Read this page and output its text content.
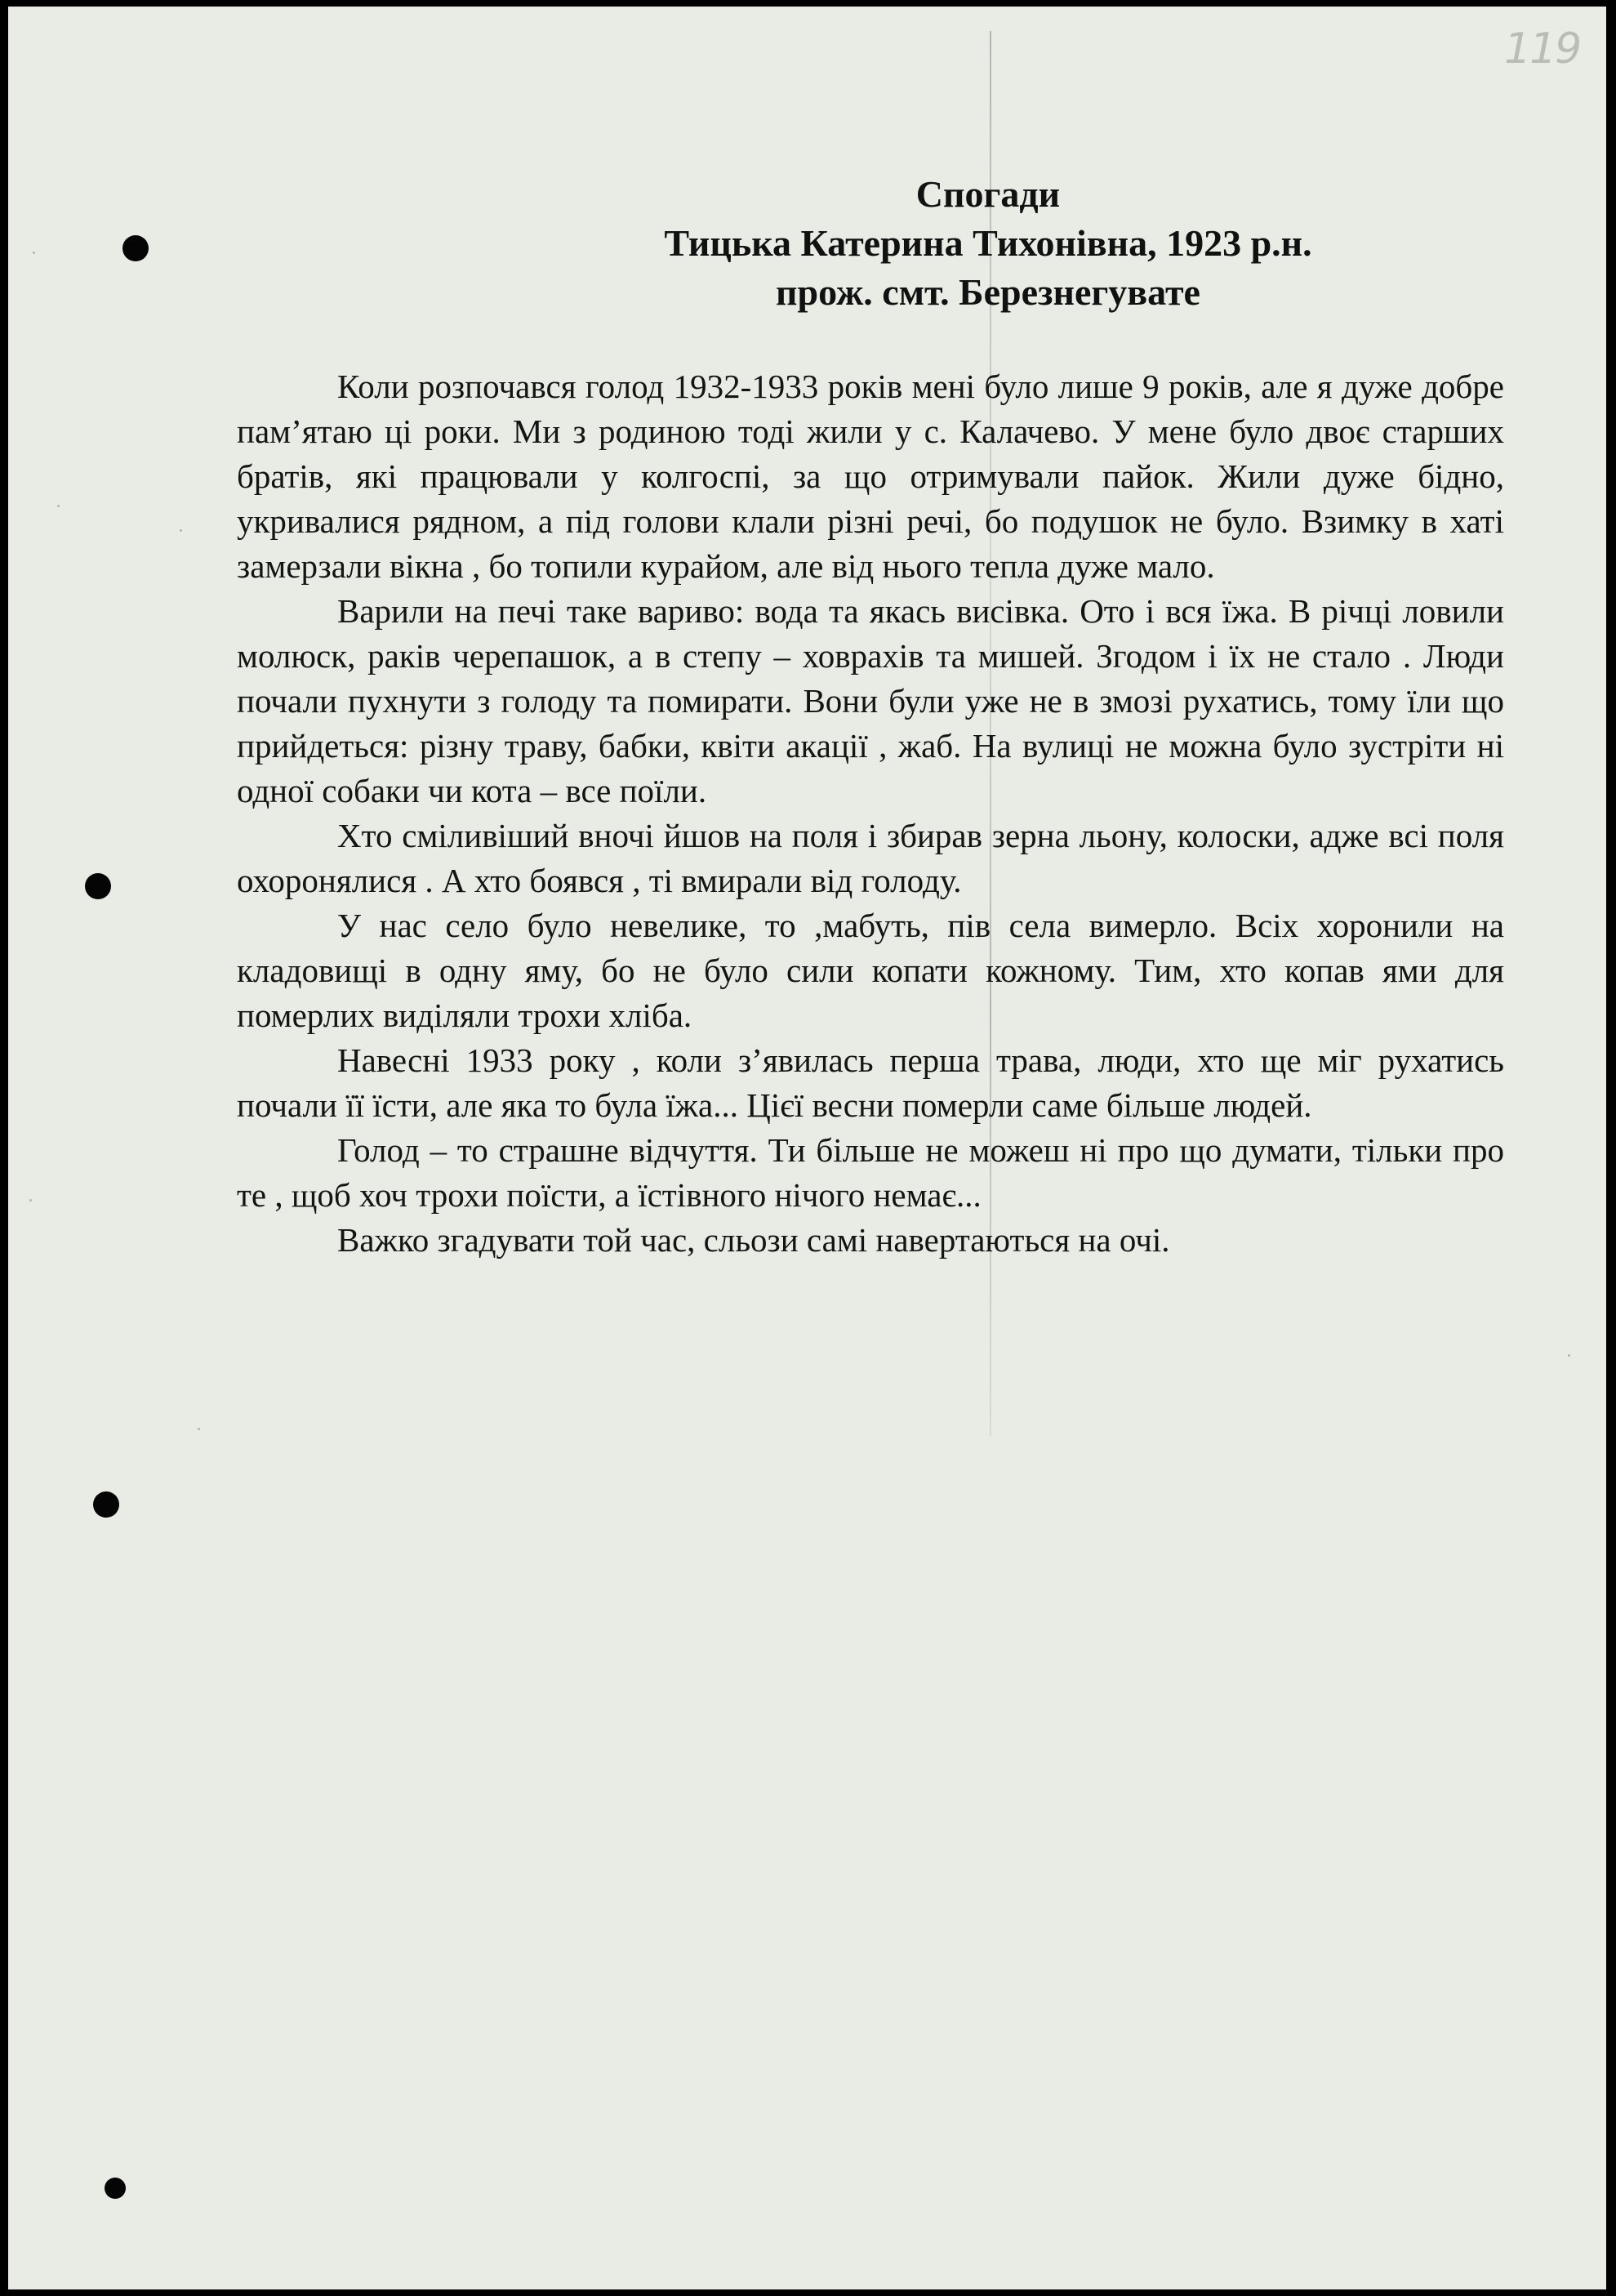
119
Спогади
Тицька Катерина Тихонівна, 1923 р.н.
прож. смт. Березнегувате

Коли розпочався голод 1932-1933 років мені було лише 9 років, але я дуже добре пам’ятаю ці роки. Ми з родиною тоді жили у с. Калачево. У мене було двоє старших братів, які працювали у колгоспі, за що отримували пайок. Жили дуже бідно, укривалися рядном, а під голови клали різні речі, бо подушок не було. Взимку в хаті замерзали вікна , бо топили курайом, але від нього тепла дуже мало.

Варили на печі таке вариво: вода та якась висівка. Ото і вся їжа. В річці ловили молюск, раків черепашок, а в степу – ховрахів та мишей. Згодом і їх не стало . Люди почали пухнути з голоду та помирати. Вони були уже не в змозі рухатись, тому їли що прийдеться: різну траву, бабки, квіти акації , жаб. На вулиці не можна було зустріти ні одної собаки чи кота – все поїли.

Хто сміливіший вночі йшов на поля і збирав зерна льону, колоски, адже всі поля охоронялися . А хто боявся , ті вмирали від голоду.

У нас село було невелике, то ,мабуть, пів села вимерло. Всіх хоронили на кладовищі в одну яму, бо не було сили копати кожному. Тим, хто копав ями для померлих виділяли трохи хліба.

Навесні 1933 року , коли з’явилась перша трава, люди, хто ще міг рухатись почали її їсти, але яка то була їжа... Цієї весни померли саме більше людей.

Голод – то страшне відчуття. Ти більше не можеш ні про що думати, тільки про те , щоб хоч трохи поїсти, а їстівного нічого немає...

Важко згадувати той час, сльози самі навертаються на очі.
